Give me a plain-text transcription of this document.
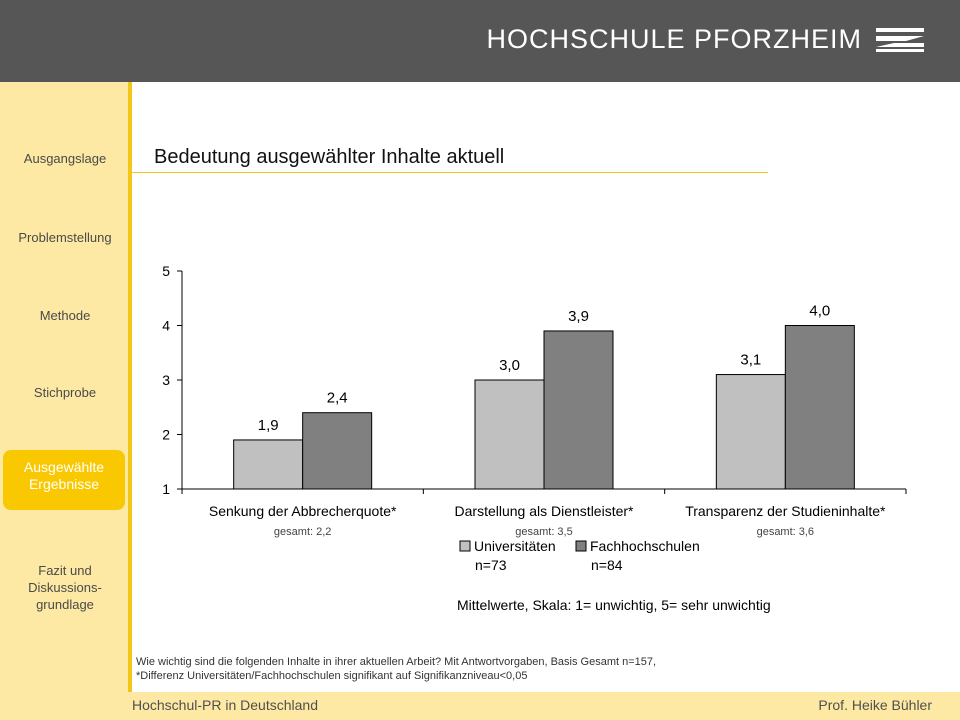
HOCHSCHULE PFORZHEIM
Ausgangslage
Problemstellung
Methode
Stichprobe
Ausgewählte
Ergebnisse
Fazit und
Diskussions-
grundlage
Bedeutung ausgewählter Inhalte aktuell
1
2
3
4
5
1,9
2,4
Senkung der Abbrecherquote*
gesamt: 2,2
3,0
3,9
Darstellung als Dienstleister*
gesamt: 3,5
3,1
4,0
Transparenz der Studieninhalte*
gesamt: 3,6
Universitäten
n=73
Fachhochschulen
n=84
Mittelwerte, Skala: 1= unwichtig, 5= sehr unwichtig
Wie wichtig sind die folgenden Inhalte in ihrer aktuellen Arbeit? Mit Antwortvorgaben, Basis Gesamt n=157,
*Differenz Universitäten/Fachhochschulen signifikant auf Signifikanzniveau<0,05
Hochschul-PR in Deutschland	Prof. Heike Bühler
